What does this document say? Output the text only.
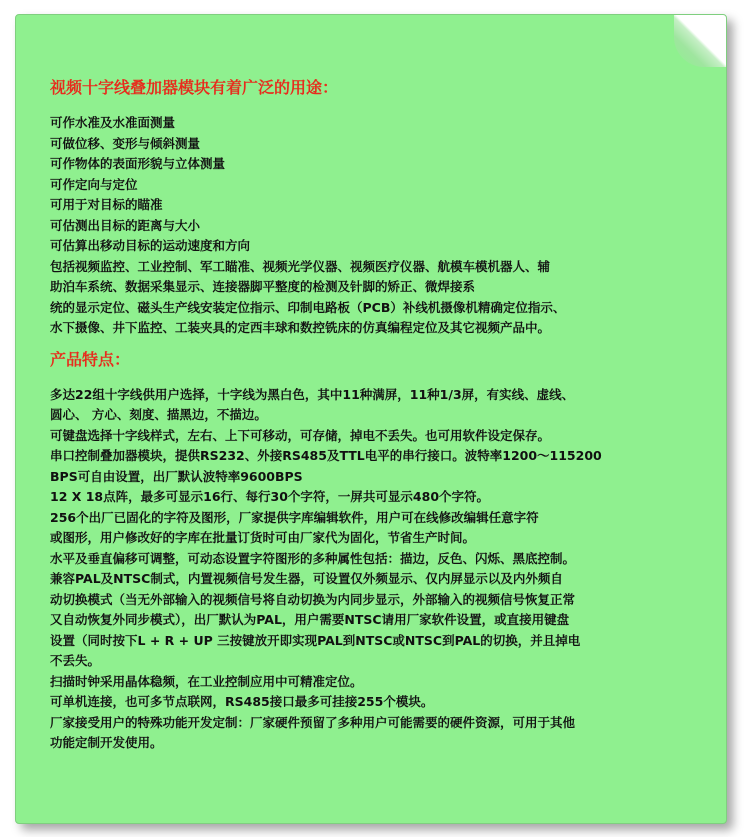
视频十字线叠加器模块有着广泛的用途：
可作水准及水准面测量
可做位移、变形与倾斜测量
可作物体的表面形貌与立体测量
可作定向与定位
可用于对目标的瞄准
可估测出目标的距离与大小
可估算出移动目标的运动速度和方向
包括视频监控、工业控制、军工瞄准、视频光学仪器、视频医疗仪器、航模车模机器人、辅
助泊车系统、数据采集显示、连接器脚平整度的检测及针脚的矫正、微焊接系
统的显示定位、磁头生产线安装定位指示、印制电路板（PCB）补线机摄像机精确定位指示、
水下摄像、井下监控、工装夹具的定西丰球和数控铣床的仿真编程定位及其它视频产品中。
产品特点：
多达22组十字线供用户选择，十字线为黑白色，其中11种满屏，11种1/3屏，有实线、虚线、
圆心、 方心、刻度、描黑边，不描边。
可键盘选择十字线样式，左右、上下可移动，可存储，掉电不丢失。也可用软件设定保存。
串口控制叠加器模块，提供RS232、外接RS485及TTL电平的串行接口。波特率1200～115200
BPS可自由设置，出厂默认波特率9600BPS
12 X 18点阵，最多可显示16行、每行30个字符，一屏共可显示480个字符。
256个出厂已固化的字符及图形，厂家提供字库编辑软件，用户可在线修改编辑任意字符
或图形，用户修改好的字库在批量订货时可由厂家代为固化，节省生产时间。
水平及垂直偏移可调整，可动态设置字符图形的多种属性包括：描边，反色、闪烁、黑底控制。
兼容PAL及NTSC制式，内置视频信号发生器，可设置仅外频显示、仅内屏显示以及内外频自
动切换模式（当无外部输入的视频信号将自动切换为内同步显示，外部输入的视频信号恢复正常
又自动恢复外同步模式），出厂默认为PAL，用户需要NTSC请用厂家软件设置，或直接用键盘
设置（同时按下L + R + UP 三按键放开即实现PAL到NTSC或NTSC到PAL的切换，并且掉电
不丢失。
扫描时钟采用晶体稳频，在工业控制应用中可精准定位。
可单机连接，也可多节点联网，RS485接口最多可挂接255个模块。
厂家接受用户的特殊功能开发定制：厂家硬件预留了多种用户可能需要的硬件资源，可用于其他
功能定制开发使用。
